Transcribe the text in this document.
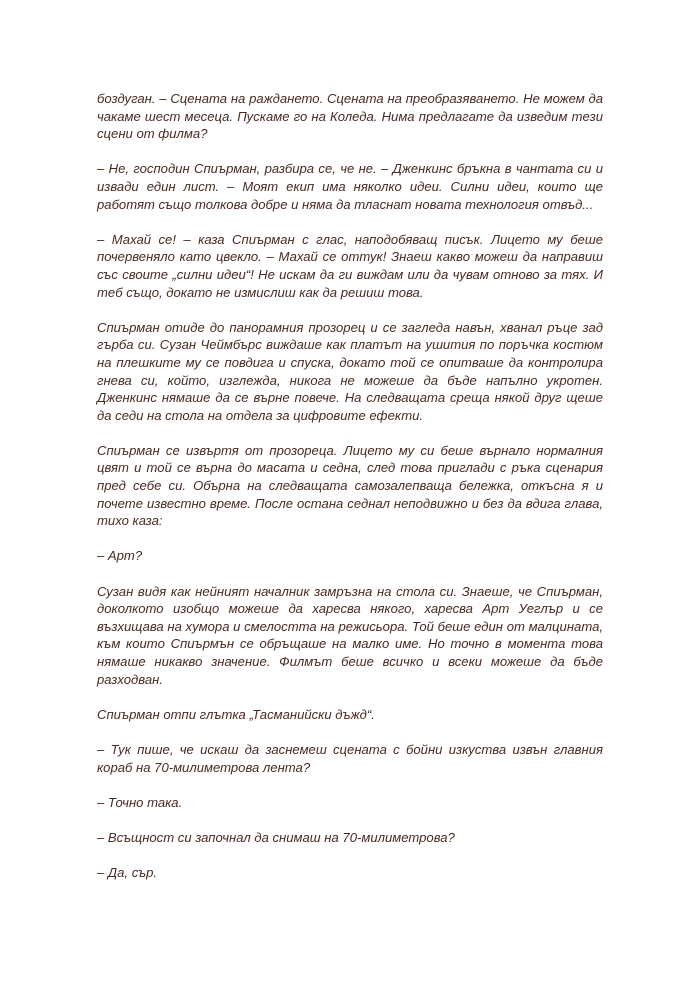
боздуган. – Сцената на раждането. Сцената на преобразяването. Не можем да чакаме шест месеца. Пускаме го на Коледа. Нима предлагате да изведим тези сцени от филма?

– Не, господин Спиърман, разбира се, че не. – Дженкинс бръкна в чантата си и извади един лист. – Моят екип има няколко идеи. Силни идеи, които ще работят също толкова добре и няма да тласнат новата технология отвъд...

– Махай се! – каза Спиърман с глас, наподобяващ писък. Лицето му беше почервеняло като цвекло. – Махай се оттук! Знаеш какво можеш да направиш със своите „силни идеи“! Не искам да ги виждам или да чувам отново за тях. И теб също, докато не измислиш как да решиш това.

Спиърман отиде до панорамния прозорец и се загледа навън, хванал ръце зад гърба си. Сузан Чеймбърс виждаше как платът на ушития по поръчка костюм на плешките му се повдига и спуска, докато той се опитваше да контролира гнева си, който, изглежда, никога не можеше да бъде напълно укротен. Дженкинс нямаше да се върне повече. На следващата среща някой друг щеше да седи на стола на отдела за цифровите ефекти.

Спиърман се извъртя от прозореца. Лицето му си беше върнало нормалния цвят и той се върна до масата и седна, след това приглади с ръка сценария пред себе си. Обърна на следващата самозалепваща бележка, откъсна я и почете известно време. После остана седнал неподвижно и без да вдига глава, тихо каза:

– Арт?

Сузан видя как нейният началник замръзна на стола си. Знаеше, че Спиърман, доколкото изобщо можеше да харесва някого, харесва Арт Уеглър и се възхищава на хумора и смелостта на режисьора. Той беше един от малцината, към които Спиърмън се обръщаше на малко име. Но точно в момента това нямаше никакво значение. Филмът беше всичко и всеки можеше да бъде разходван.

Спиърман отпи глътка „Тасманийски дъжд“.

– Тук пише, че искаш да заснемеш сцената с бойни изкуства извън главния кораб на 70-милиметрова лента?

– Точно така.

– Всъщност си започнал да снимаш на 70-милиметрова?

– Да, сър.
